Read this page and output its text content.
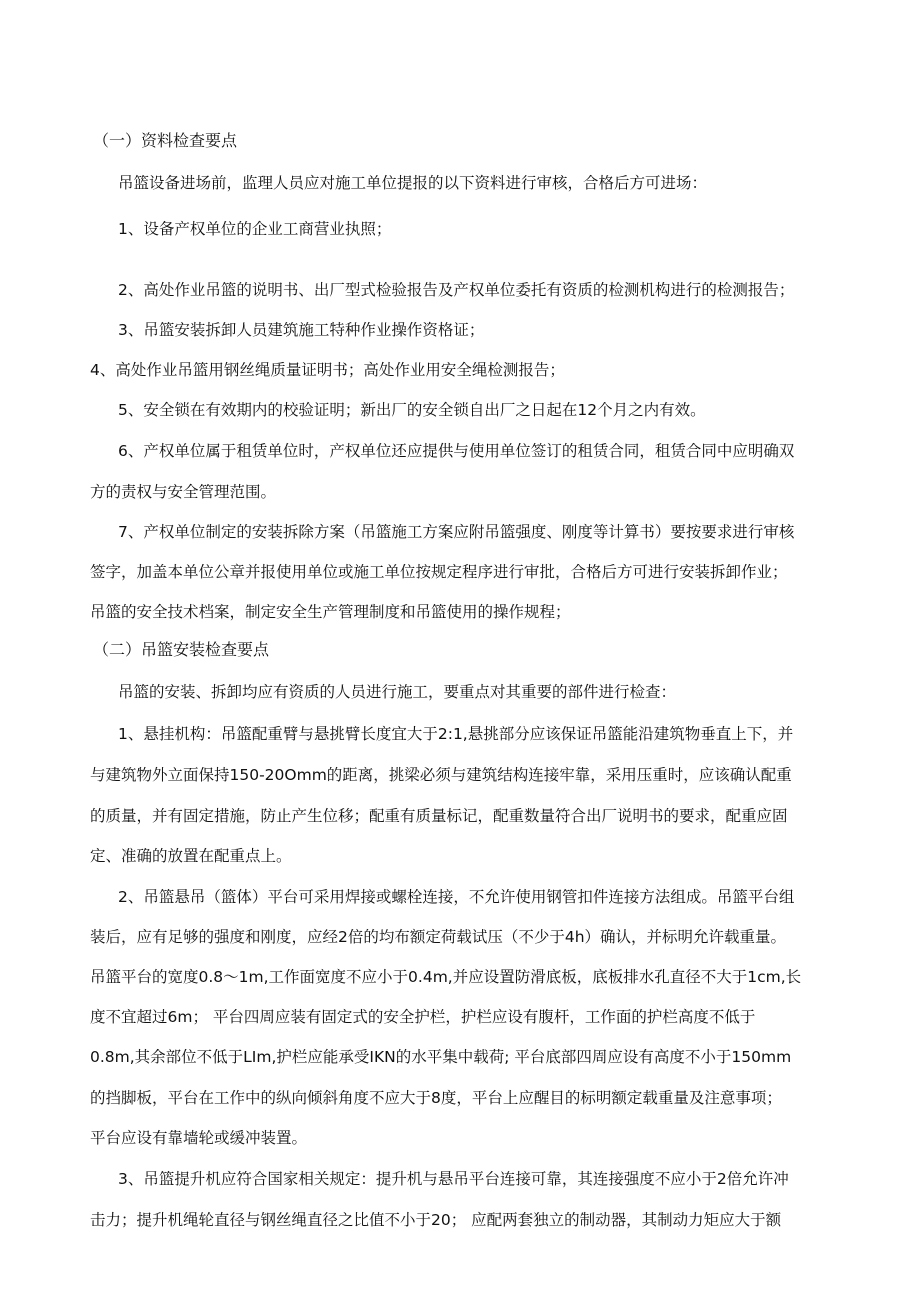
（一）资料检查要点
吊篮设备进场前，监理人员应对施工单位提报的以下资料进行审核，合格后方可进场：
1、设备产权单位的企业工商营业执照；
2、高处作业吊篮的说明书、出厂型式检验报告及产权单位委托有资质的检测机构进行的检测报告；
3、吊篮安装拆卸人员建筑施工特种作业操作资格证；
4、高处作业吊篮用钢丝绳质量证明书；高处作业用安全绳检测报告；
5、安全锁在有效期内的校验证明；新出厂的安全锁自出厂之日起在12个月之内有效。
6、产权单位属于租赁单位时，产权单位还应提供与使用单位签订的租赁合同，租赁合同中应明确双
方的责权与安全管理范围。
7、产权单位制定的安装拆除方案（吊篮施工方案应附吊篮强度、刚度等计算书）要按要求进行审核
签字，加盖本单位公章并报使用单位或施工单位按规定程序进行审批，合格后方可进行安装拆卸作业；
吊篮的安全技术档案，制定安全生产管理制度和吊篮使用的操作规程；
（二）吊篮安装检查要点
吊篮的安装、拆卸均应有资质的人员进行施工，要重点对其重要的部件进行检查：
1、悬挂机构：吊篮配重臂与悬挑臂长度宜大于2:1,悬挑部分应该保证吊篮能沿建筑物垂直上下，并
与建筑物外立面保持150-20Omm的距离，挑梁必须与建筑结构连接牢靠，采用压重时，应该确认配重
的质量，并有固定措施，防止产生位移；配重有质量标记，配重数量符合出厂说明书的要求，配重应固
定、准确的放置在配重点上。
2、吊篮悬吊（篮体）平台可采用焊接或螺栓连接，不允许使用钢管扣件连接方法组成。吊篮平台组
装后，应有足够的强度和刚度，应经2倍的均布额定荷载试压（不少于4h）确认，并标明允许载重量。
吊篮平台的宽度0.8～1m,工作面宽度不应小于0.4m,并应设置防滑底板，底板排水孔直径不大于1cm,长
度不宜超过6m； 平台四周应装有固定式的安全护栏，护栏应设有腹杆，工作面的护栏高度不低于
0.8m,其余部位不低于LIm,护栏应能承受IKN的水平集中载荷; 平台底部四周应设有高度不小于150mm
的挡脚板，平台在工作中的纵向倾斜角度不应大于8度，平台上应醒目的标明额定载重量及注意事项；
平台应设有靠墙轮或缓冲装置。
3、吊篮提升机应符合国家相关规定：提升机与悬吊平台连接可靠，其连接强度不应小于2倍允许冲
击力；提升机绳轮直径与钢丝绳直径之比值不小于20； 应配两套独立的制动器，其制动力矩应大于额
